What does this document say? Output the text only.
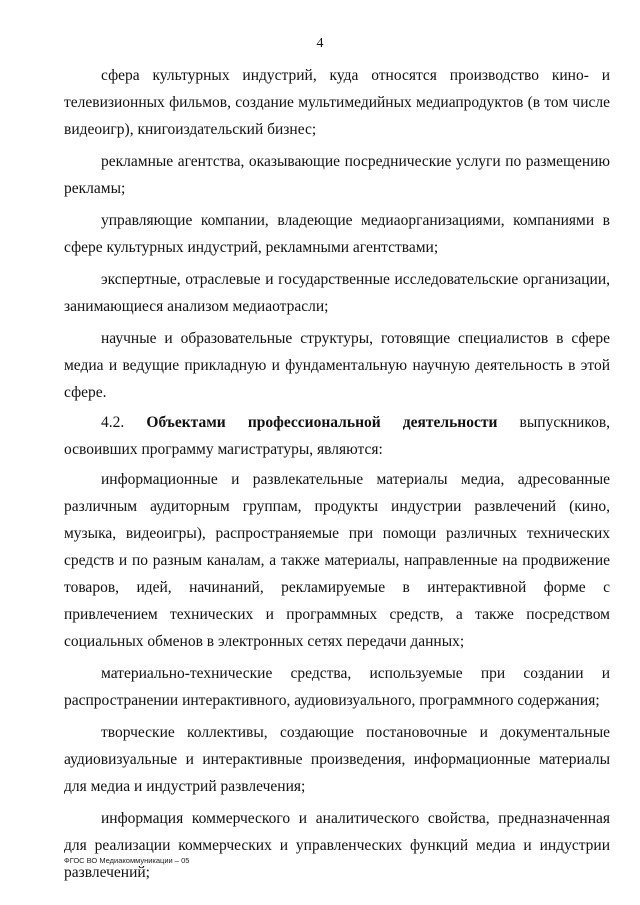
4

сфера культурных индустрий, куда относятся производство кино- и телевизионных фильмов, создание мультимедийных медиапродуктов (в том числе видеоигр), книгоиздательский бизнес;

рекламные агентства, оказывающие посреднические услуги по размещению рекламы;

управляющие компании, владеющие медиаорганизациями, компаниями в сфере культурных индустрий, рекламными агентствами;

экспертные, отраслевые и государственные исследовательские организации, занимающиеся анализом медиаотрасли;

научные и образовательные структуры, готовящие специалистов в сфере медиа и ведущие прикладную и фундаментальную научную деятельность в этой сфере.

4.2. Объектами профессиональной деятельности выпускников, освоивших программу магистратуры, являются:

информационные и развлекательные материалы медиа, адресованные различным аудиторным группам, продукты индустрии развлечений (кино, музыка, видеоигры), распространяемые при помощи различных технических средств и по разным каналам, а также материалы, направленные на продвижение товаров, идей, начинаний, рекламируемые в интерактивной форме с привлечением технических и программных средств, а также посредством социальных обменов в электронных сетях передачи данных;

материально-технические средства, используемые при создании и распространении интерактивного, аудиовизуального, программного содержания;

творческие коллективы, создающие постановочные и документальные аудиовизуальные и интерактивные произведения, информационные материалы для медиа и индустрий развлечения;

информация коммерческого и аналитического свойства, предназначенная для реализации коммерческих и управленческих функций медиа и индустрии развлечений;

ФГОС ВО Медиакоммуникации – 05
